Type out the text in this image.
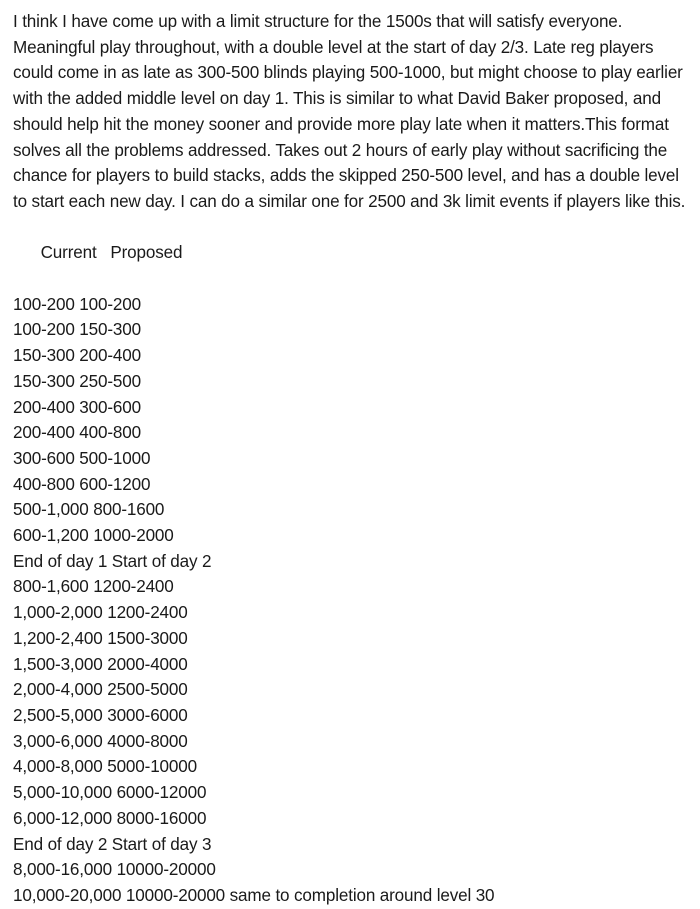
I think I have come up with a limit structure for the 1500s that will satisfy everyone. Meaningful play throughout, with a double level at the start of day 2/3. Late reg players could come in as late as 300-500 blinds playing 500-1000, but might choose to play earlier with the added middle level on day 1. This is similar to what David Baker proposed, and should help hit the money sooner and provide more play late when it matters.This format solves all the problems addressed. Takes out 2 hours of early play without sacrificing the chance for players to build stacks, adds the skipped 250-500 level, and has a double level to start each new day. I can do a similar one for 2500 and 3k limit events if players like this.

Current Proposed

100-200 100-200
100-200 150-300
150-300 200-400
150-300 250-500
200-400 300-600
200-400 400-800
300-600 500-1000
400-800 600-1200
500-1,000 800-1600
600-1,200 1000-2000
End of day 1 Start of day 2
800-1,600 1200-2400
1,000-2,000 1200-2400
1,200-2,400 1500-3000
1,500-3,000 2000-4000
2,000-4,000 2500-5000
2,500-5,000 3000-6000
3,000-6,000 4000-8000
4,000-8,000 5000-10000
5,000-10,000 6000-12000
6,000-12,000 8000-16000
End of day 2 Start of day 3
8,000-16,000 10000-20000
10,000-20,000 10000-20000 same to completion around level 30
